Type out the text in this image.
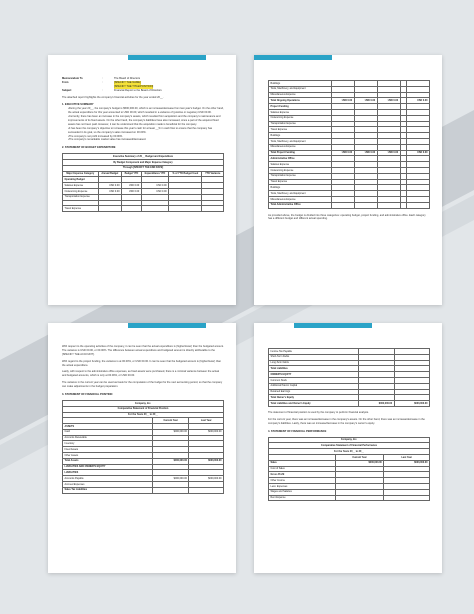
Memorandum To	:	The Board of Directors
From	:	[SPECIFY THE NAME]
[SPECIFY THE TITLE/POSITION]
Subject	:	Financial Report to the Board of Directors
The attached report highlights the company's financial activities for the year ended 20__.
1. EXECUTIVE SUMMARY
▪ During the year 20__, the company's budget is $500,000.00, which is an increase/decrease from last year's budget. On the other hand, the actual expenditure for this year amounted to USD 00.00, which resulted in a variance of (positive or negative) USD 00.00.
▪ Currently, there has been an increase in the company's assets, which resulted from acquisition and the company's maintenance and improvements of its fixed assets. On the other hand, the company's liabilities have also increased, since a part of the acquired fixed assets has not been paid. However, it can be understood that the acquisition made is beneficial for the company.
▪ It has been the company's objective to increase this year's cash for at least __% in cash flow to ensure that the company has succeeded in its goal, so the company's sales increased on 30.00%.
▪ The company's net profit increased by 00.00%.
▪ The company's remarkable market value has increased/decreased.
2. STATEMENT OF BUDGET EXPENDITURE
Executive Summary of 20__ Budget and Expenditure					
By Budget Component and Major Expense Category					
Through [SPECIFY THE END DATE]					
Major Expense Category	Annual Budget	Budget YTD	Expenditures YTD	% of YTD Budget Used	YTD Variance
Operating Budget					
Salaries Expense	USD 0.00	USD 0.00	USD 0.00		
Outsourcing Expense	USD 0.00	USD 0.00	USD 0.00		
Transportation Expense					

Travel Expense					
Buildings					
Tools, Machinery, and Equipment					
Miscellaneous Expense					
Total Ongoing Operations	USD 0.00	USD 0.00	USD 0.00		USD 0.00
Project Funding					
Salaries Expense					
Outsourcing Expense					
Transportation Expense					
Travel Expense					
Buildings					
Tools, Machinery, and Equipment					
Miscellaneous Expense					
Total Project Funding	USD 0.00	USD 0.00	USD 0.00		USD 0.00
Administrative Office					
Salaries Expense					
Outsourcing Expense					
Transportation Expense					
Travel Expense					
Buildings					
Tools, Machinery, and Equipment					
Miscellaneous Expense					
Total Administrative Office					
As provided above, the budget is divided into three categories: operating budget, project funding, and administrative office. Each category has a different budget and different actual spending.
With respect to the operating activities of the company, it can be seen that the actual expenditure is (higher/lower) than the budgeted amount. The variance is USD 00.00, or 00.00%. The difference between actual expenditure and budgeted amount is directly attributable to the [SPECIFY THE ACCOUNT].
With regard to the project funding, the variance is at 00.00%, or USD 00.00. It can be seen that the budgeted amount is (higher/lower) than the actual expenditure.
Lastly, with respect to the administrative office expenses, as fixed assets were purchased, there is a minimal variance between the actual and budgeted amounts, which is only at 00.00%, or USD 00.00.
The variance in the current year can be used as basis for the computation of the budget for the next accounting period, so that the company can make adjustments in the budget preparation.
3. STATEMENT OF FINANCIAL POSITION
Company, Inc.		
Comparative Statement of Financial Position		
For the Years 20__ to 20__		
	Current Year	Last Year
ASSETS		
Cash	$000,000.00	$000,000.00
Accounts Receivable		
Inventory		
Fixed Assets		
Other Assets		
Total Assets	$000,000.00	$000,000.00
LIABILITIES AND OWNER'S EQUITY		
LIABILITIES		
Accounts Payable	$000,000.00	$000,000.00
Accrued Expenses		
Sales Tax Liabilities		
Income Tax Payable		
Short-Term Debts		
Long-Term Debts		
Total Liabilities		
OWNER'S EQUITY		
Common Stock		
Additional Paid-in Capital		
Retained Earnings		
Total Owner's Equity		
Total Liabilities and Owner's Equity	$000,000.00	$000,000.00
The statement of financial position is used by the company to perform financial analysis.
For the current year, there was an increase/decrease in the company's assets. On the other hand, there was an increase/decrease in the company's liabilities. Lastly, there was an increase/decrease in the company's owner's equity.
4. STATEMENT OF FINANCIAL PERFORMANCE
Company, Inc.		
Comparative Statement of Financial Performance		
For the Years 20__ to 20__		
	Current Year	Last Year
Sales	$000,000.00	$000,000.00
Cost of Sales		
Gross Profit		
Other Income		
Less: Expenses		
Wages and Salaries		
Rent Expense		
